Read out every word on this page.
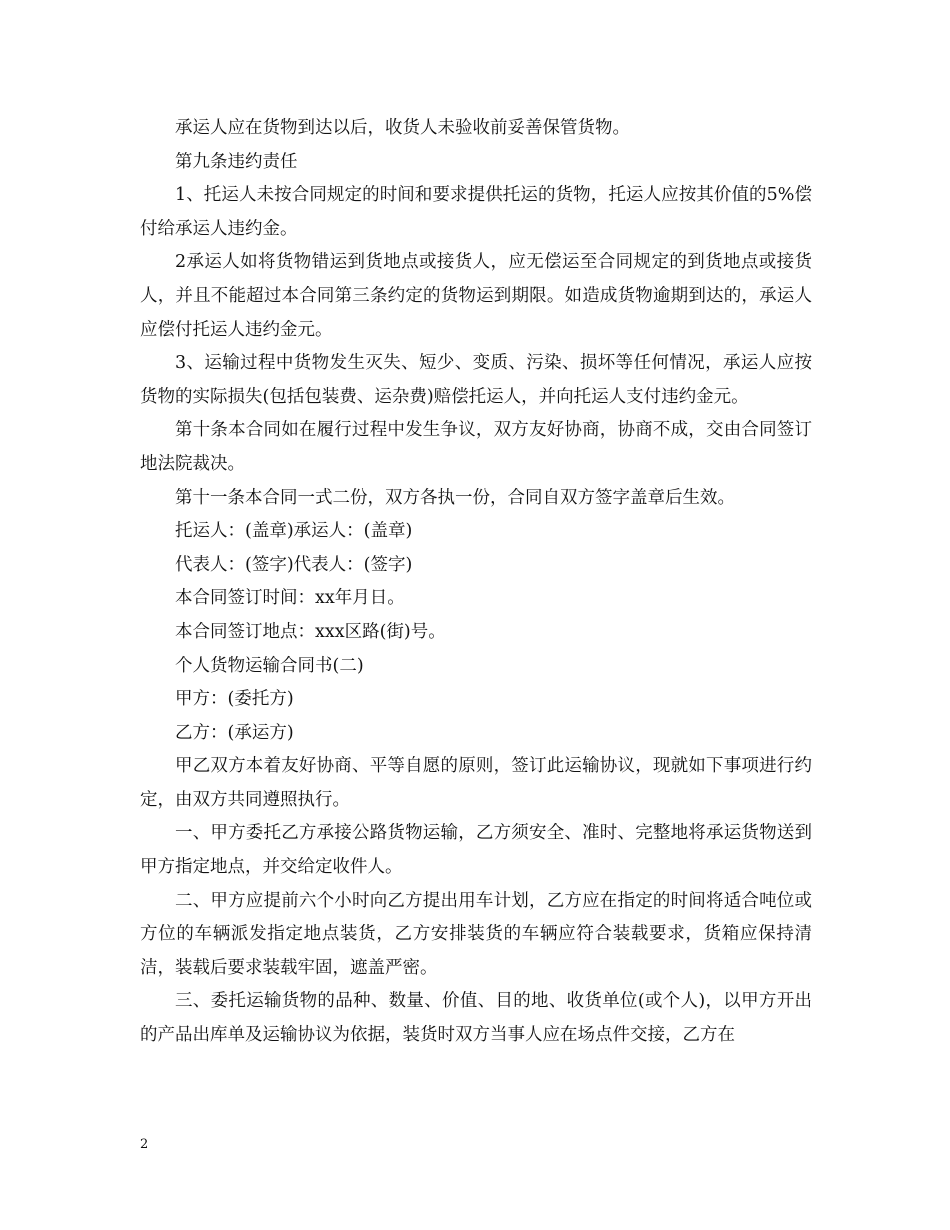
承运人应在货物到达以后，收货人未验收前妥善保管货物。

第九条违约责任

1、托运人未按合同规定的时间和要求提供托运的货物，托运人应按其价值的5%偿付给承运人违约金。

2承运人如将货物错运到货地点或接货人，应无偿运至合同规定的到货地点或接货人，并且不能超过本合同第三条约定的货物运到期限。如造成货物逾期到达的，承运人应偿付托运人违约金元。

3、运输过程中货物发生灭失、短少、变质、污染、损坏等任何情况，承运人应按货物的实际损失(包括包装费、运杂费)赔偿托运人，并向托运人支付违约金元。

第十条本合同如在履行过程中发生争议，双方友好协商，协商不成，交由合同签订地法院裁决。

第十一条本合同一式二份，双方各执一份，合同自双方签字盖章后生效。

托运人：(盖章)承运人：(盖章)

代表人：(签字)代表人：(签字)

本合同签订时间：xx年月日。

本合同签订地点：xxx区路(街)号。

个人货物运输合同书(二)

甲方：(委托方)

乙方：(承运方)

甲乙双方本着友好协商、平等自愿的原则，签订此运输协议，现就如下事项进行约定，由双方共同遵照执行。

一、甲方委托乙方承接公路货物运输，乙方须安全、准时、完整地将承运货物送到甲方指定地点，并交给定收件人。

二、甲方应提前六个小时向乙方提出用车计划，乙方应在指定的时间将适合吨位或方位的车辆派发指定地点装货，乙方安排装货的车辆应符合装载要求，货箱应保持清洁，装载后要求装载牢固，遮盖严密。

三、委托运输货物的品种、数量、价值、目的地、收货单位(或个人)，以甲方开出的产品出库单及运输协议为依据，装货时双方当事人应在场点件交接，乙方在

2
